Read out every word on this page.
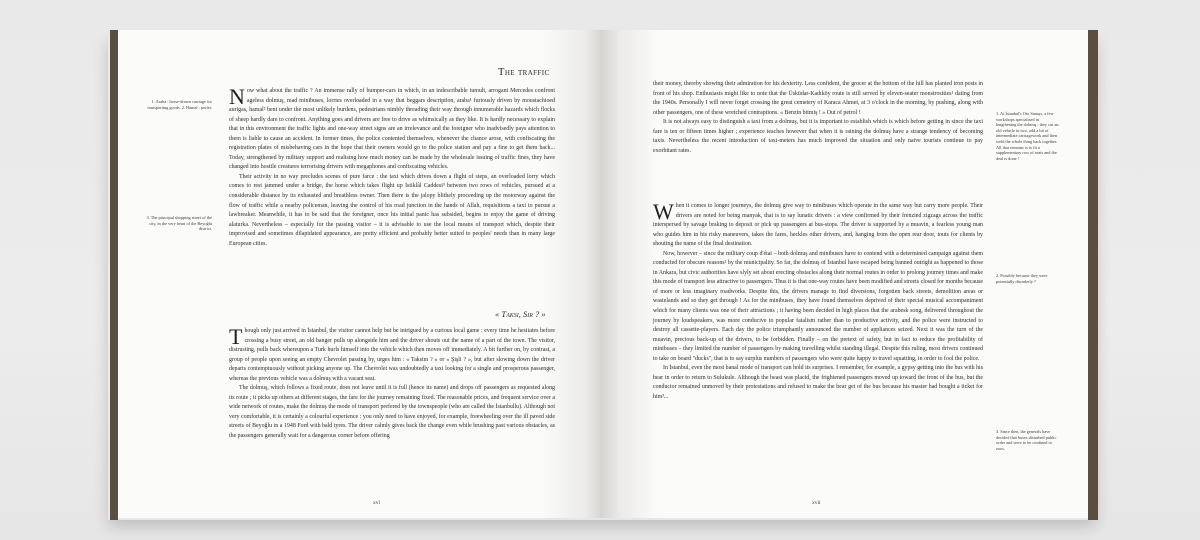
The traffic
1. Araba : horse-drawn carriage for transporting goods. 2. Hamal : porter.
3. The principal shopping street of the city, in the very heart of the Beyoğlu district.

Now what about the traffic ? An immense rally of bumper-cars in which, in an indescribable tumult, arrogant Mercedes confront ageless dolmuş, mad minibuses, lorries overloaded in a way that beggars description, araba¹ furiously driven by moustachioed aurigas, hamal² bent under the most unlikely burdens, pedestrians nimbly threading their way through innumerable hazards which flocks of sheep hardly dare to confront. Anything goes and drivers are free to drive as whimsically as they like. It is hardly necessary to explain that in this environment the traffic lights and one-way street signs are an irrelevance and the foreigner who inadvisedly pays attention to them is liable to cause an accident. In former times, the police contented themselves, whenever the chance arose, with confiscating the registration plates of misbehaving cars in the hope that their owners would go to the police station and pay a fine to get them back... Today, strengthened by military support and realising how much money can be made by the wholesale issuing of traffic fines, they have changed into hostile creatures terrorising drivers with megaphones and confiscating vehicles.

Their activity in no way precludes scenes of pure farce : the taxi which drives down a flight of steps, an overloaded lorry which comes to rest jammed under a bridge, the horse which takes flight up İstiklâl Caddesi³ between two rows of vehicles, pursued at a considerable distance by its exhausted and breathless owner. Then there is the jalopy blithely proceeding up the motorway against the flow of traffic while a nearby policeman, leaving the control of his road junction in the hands of Allah, requisitions a taxi to pursue a lawbreaker. Meanwhile, it has to be said that the foreigner, once his initial panic has subsided, begins to enjoy the game of driving alaturka. Nevertheless – especially for the passing visitor – it is advisable to use the local means of transport which, despite their improvised and sometimes dilapidated appearance, are pretty efficient and probably better suited to peoples' needs than in many large European cities.

« Taksi, Sir ? »

Though only just arrived in İstanbul, the visitor cannot help but be intrigued by a curious local game : every time he hesitates before crossing a busy street, an old banger pulls up alongside him and the driver shouts out the name of a part of the town. The visitor, distrusting, pulls back whereupon a Turk hurls himself into the vehicle which then moves off immediately. A bit further on, by contrast, a group of people upon seeing an empty Chevrolet passing by, urges him : « Taksim ? » or « Şişli ? », but after slowing down the driver departs contemptuously without picking anyone up. The Chevrolet was undoubtedly a taxi looking for a single and prosperous passenger, whereas the previous vehicle was a dolmuş with a vacant seat.

The dolmuş, which follows a fixed route, does not leave until it is full (hence its name) and drops off passengers as requested along its route ; it picks up others at different stages, the fare for the journey remaining fixed. The reasonable prices, and frequent service over a wide network of routes, make the dolmuş the mode of transport prefered by the townspeople (who are called the İstanbullu). Although not very comfortable, it is certainly a colourful experience : you only need to have enjoyed, for example, freewheeling over the ill paved side streets of Beyoğlu in a 1948 Ford with bald tyres. The driver calmly gives back the change even while brushing past various obstacles, as the passengers generally wait for a dangerous corner before offering

xvi

their money, thereby showing their admiration for his dexterity. Less confident, the grocer at the bottom of the hill has planted iron posts in front of his shop. Enthusiasts might like to note that the Üsküdar-Kadıköy route is still served by eleven-seater monstrosities¹ dating from the 1940s. Personally I will never forget crossing the great cemetery of Karaca Ahmet, at 3 o'clock in the morning, by pushing, along with other passengers, one of these wretched contraptions. « Benzin bitmiş ! » Out of petrol !

It is not always easy to distinguish a taxi from a dolmuş, but it is important to establish which is which before getting in since the taxi fare is ten or fifteen times higher ; experience teaches however that when it is raining the dolmuş have a strange tendency of becoming taxis. Nevertheless the recent introduction of taxi-meters has much improved the situation and only naive tourists continue to pay exorbitant rates.

When it comes to longer journeys, the dolmuş give way to minibuses which operate in the same way but carry more people. Their drivers are noted for being manyak, that is to say lunatic drivers : a view confirmed by their frenzied zigzags across the traffic interspersed by savage braking to deposit or pick up passengers at bus-stops. The driver is supported by a muavin, a fearless young man who guides him in his risky maneuvers, takes the fares, heckles other drivers, and, hanging from the open rear door, touts for clients by shouting the name of the final destination.

Now, however – since the military coup d'état – both dolmuş and minibuses have to contend with a determined campaign against them conducted for obscure reasons² by the municipality. So far, the dolmuş of İstanbul have escaped being banned outright as happened to those in Ankara, but civic authorities have slyly set about erecting obstacles along their normal routes in order to prolong journey times and make this mode of transport less attractive to passengers. Thus it is that one-way routes have been modified and streets closed for months because of more or less imaginary roadworks. Despite this, the drivers manage to find diversions, forgotten back streets, demolition areas or wastelands and so they get through ! As for the minibuses, they have found themselves deprived of their special musical accompaniment which for many clients was one of their attractions ; it having been decided in high places that the arabesk song, delivered throughout the journey by loudspeakers, was more conducive to popular fatalism rather than to productive activity, and the police were instructed to destroy all cassette-players. Each day the police triumphantly announced the number of appliances seized. Next it was the turn of the muavin, precious back-up of the drivers, to be forbidden. Finally – on the pretext of safety, but in fact to reduce the profitability of minibuses – they limited the number of passengers by making travelling whilst standing illegal. Despite this ruling, most drivers continued to take on board "ducks", that is to say surplus numbers of passengers who were quite happy to travel squatting, in order to fool the police.

In İstanbul, even the most banal mode of transport can hold its surprises. I remember, for example, a gypsy getting into the bus with his bear in order to return to Sulukule. Although the beast was placid, the frightened passengers moved up toward the front of the bus, but the conductor remained unmoved by their protestations and refused to make the bear get of the bus because his master had bought a ticket for him³...

1. At İstanbul's Oto Sanayı, a few workshops specialised in lengthening the dolmuş : they cut an old vehicle in two, add a bit of intermediate carriagework and then weld the whole thing back together. All that remains is to fit a supplementary row of seats and the deal is done !
2. Possibly because they were potentially disorderly ?
3. Since then, the generals have decided that buses disturbed public order and were to be confined to zoos.
xvii
